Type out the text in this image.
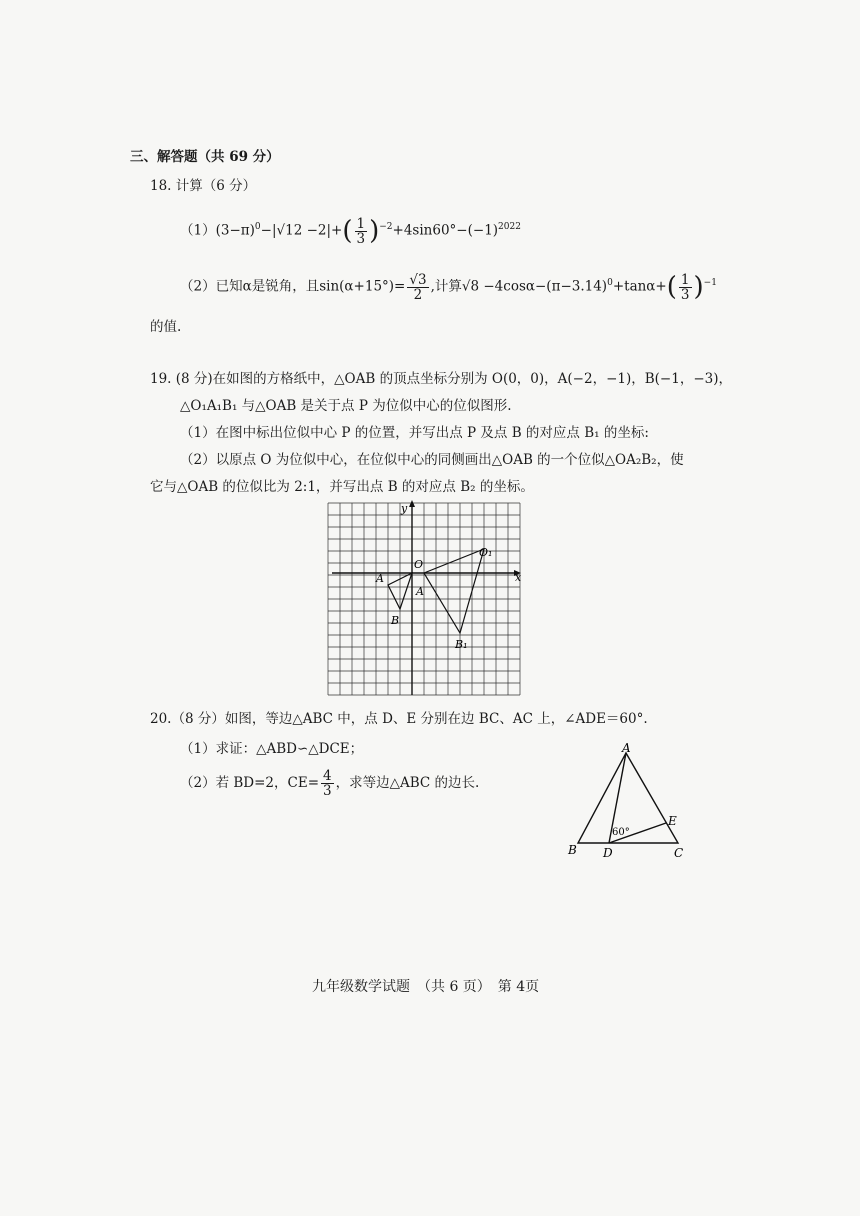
三、解答题（共 69 分）
18. 计算（6 分）
$(1)(3-\pi)^0-|√12 -2|+( \frac{1}{3} )^{-2}+4\sin 60^\circ-(-1)^{2022}$
（2）已知α是锐角，且$\sin(\alpha+15^\circ)= \frac{√3}{2}$ ,计算$√8 -4\cos\alpha-(\pi-3.14)^0+\tan\alpha+( \frac{1}{3} )^{-1}$
的值.
19. (8 分)在如图的方格纸中，△OAB 的顶点坐标分别为 O(0，0)，A(−2，−1)，B(−1，−3)，
△O₁A₁B₁ 与△OAB 是关于点 P 为位似中心的位似图形.
（1）在图中标出位似中心 P 的位置，并写出点 P 及点 B 的对应点 B₁ 的坐标:
（2）以原点 O 为位似中心，在位似中心的同侧画出△OAB 的一个位似△OA₂B₂，使
它与△OAB 的位似比为 2:1，并写出点 B 的对应点 B₂ 的坐标。
x
y
O
A
A
B
B₁
O₁
20.（8 分）如图，等边△ABC 中，点 D、E 分别在边 BC、AC 上，∠ADE＝60°.
（1）求证：△ABD∽△DCE；
（2）若 BD=2，$CE= \frac{4}{3}$ ，求等边△ABC 的边长.
A
B	C
D
E
60°
九年级数学试题　（共 6 页）　第 4页
